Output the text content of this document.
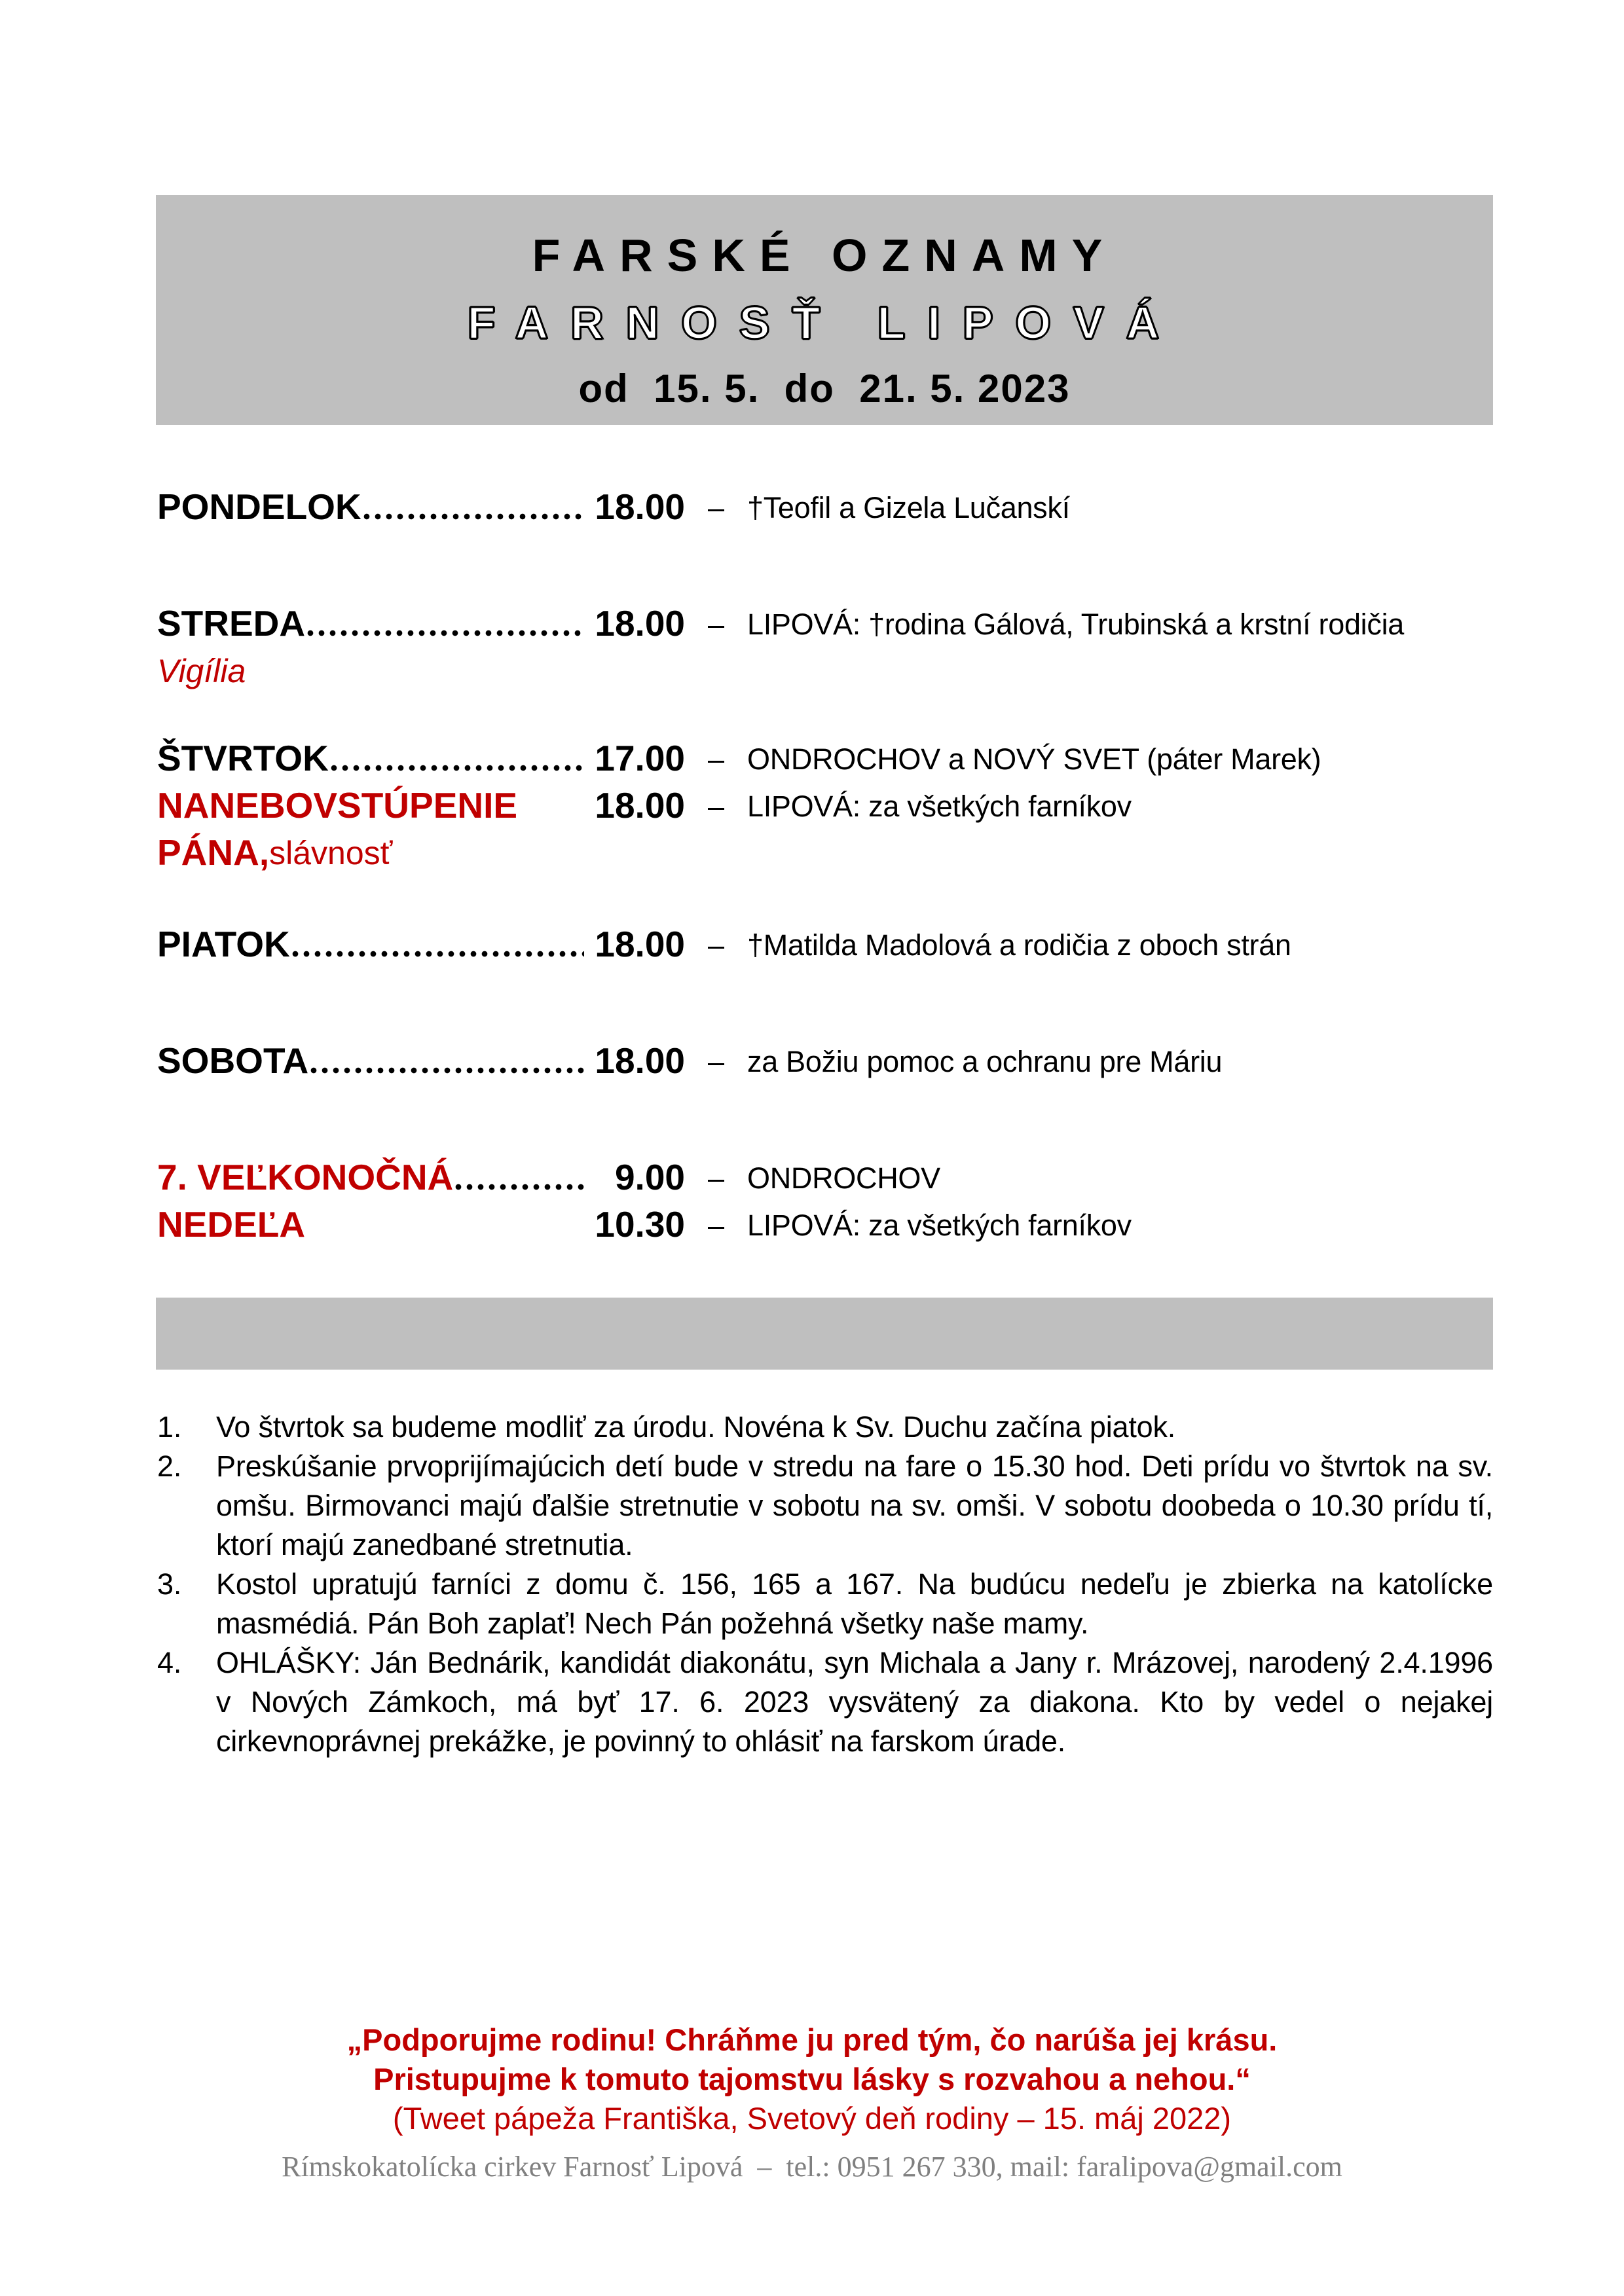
FARSKÉ OZNAMY
FARNOSŤ LIPOVÁ
od  15. 5.  do  21. 5. 2023
PONDELOK	18.00 – †Teofil a Gizela Lučanskí
STREDA	18.00 – LIPOVÁ: †rodina Gálová, Trubinská a krstní rodičia
Vigília
ŠTVRTOK	17.00 – ONDROCHOV a NOVÝ SVET (páter Marek)
NANEBOVSTÚPENIE 18.00 – LIPOVÁ: za všetkých farníkov
PÁNA, slávnosť
PIATOK	18.00 – †Matilda Madolová a rodičia z oboch strán
SOBOTA	18.00 – za Božiu pomoc a ochranu pre Máriu
7. VEĽKONOČNÁ	9.00 – ONDROCHOV
NEDEĽA	10.30 – LIPOVÁ: za všetkých farníkov
1. Vo štvrtok sa budeme modliť za úrodu. Novéna k Sv. Duchu začína piatok.
2. Preskúšanie prvoprijímajúcich detí bude v stredu na fare o 15.30 hod. Deti prídu vo štvrtok na sv. omšu. Birmovanci majú ďalšie stretnutie v sobotu na sv. omši. V sobotu doobeda o 10.30 prídu tí, ktorí majú zanedbané stretnutia.
3. Kostol upratujú farníci z domu č. 156, 165 a 167. Na budúcu nedeľu je zbierka na katolícke masmédiá. Pán Boh zaplať! Nech Pán požehná všetky naše mamy.
4. OHLÁŠKY: Ján Bednárik, kandidát diakonátu, syn Michala a Jany r. Mrázovej, narodený 2.4.1996 v Nových Zámkoch, má byť 17. 6. 2023 vysvätený za diakona. Kto by vedel o nejakej cirkevnoprávnej prekážke, je povinný to ohlásiť na farskom úrade.
„Podporujme rodinu! Chráňme ju pred tým, čo narúša jej krásu.
Pristupujme k tomuto tajomstvu lásky s rozvahou a nehou.“
(Tweet pápeža Františka, Svetový deň rodiny – 15. máj 2022)
Rímskokatolícka cirkev Farnosť Lipová  –  tel.: 0951 267 330, mail: faralipova@gmail.com
